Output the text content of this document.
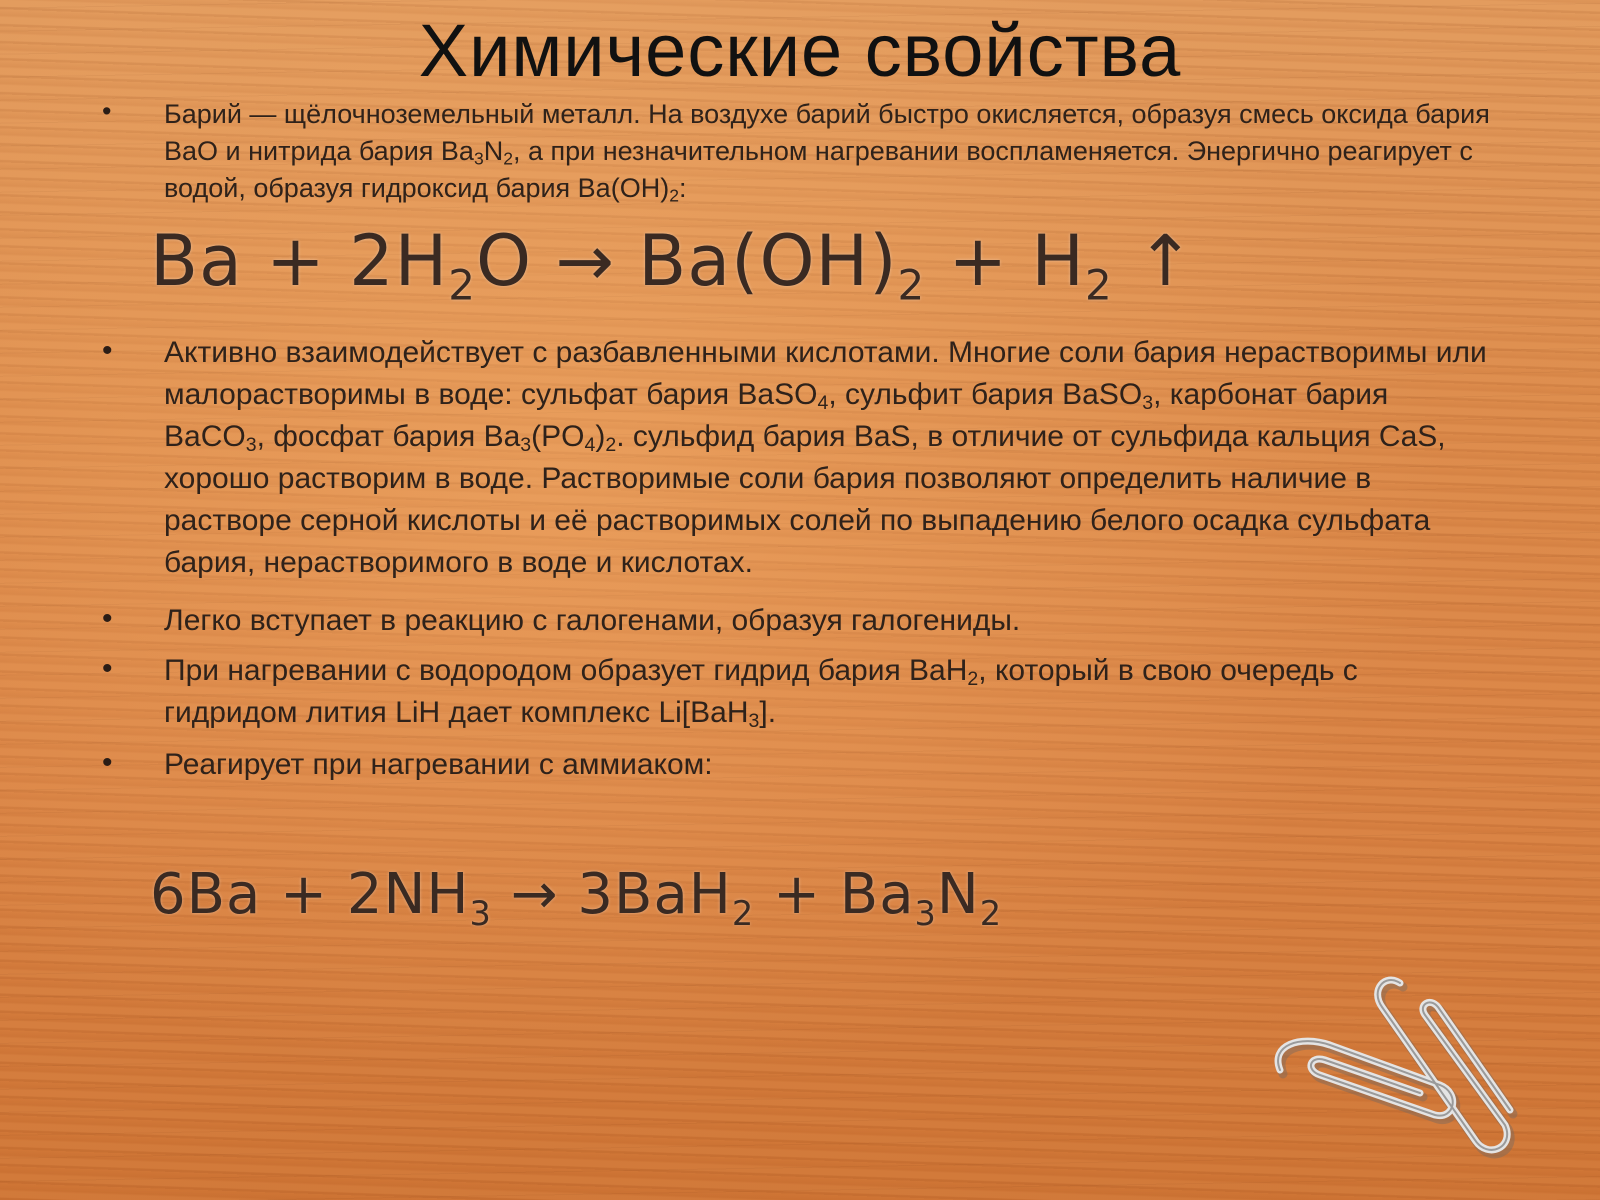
Химические свойства
• Барий — щёлочноземельный металл. На воздухе барий быстро окисляется, образуя смесь оксида бария BaO и нитрида бария $Ba_3N_2$, а при незначительном нагревании воспламеняется. Энергично реагирует с водой, образуя гидроксид бария $Ba(OH)_2$:
$Ba + 2H_2O \to Ba(OH)_2 + H_2$ ↑
• Активно взаимодействует с разбавленными кислотами. Многие соли бария нерастворимы или малорастворимы в воде: сульфат бария BaSO$_4$, сульфит бария BaSO$_3$, карбонат бария BaCO$_3$, фосфат бария $Ba_3(PO_4)_2$. сульфид бария BaS, в отличие от сульфида кальция CaS, хорошо растворим в воде. Растворимые соли бария позволяют определить наличие в растворе серной кислоты и её растворимых солей по выпадению белого осадка сульфата бария, нерастворимого в воде и кислотах.
• Легко вступает в реакцию с галогенами, образуя галогениды.
• При нагревании с водородом образует гидрид бария BaH$_2$, который в свою очередь с гидридом лития LiH дает комплекс Li[BaH$_3$].
• Реагирует при нагревании с аммиаком:
$6Ba + 2NH_3 \to 3BaH_2 + Ba_3N_2$
